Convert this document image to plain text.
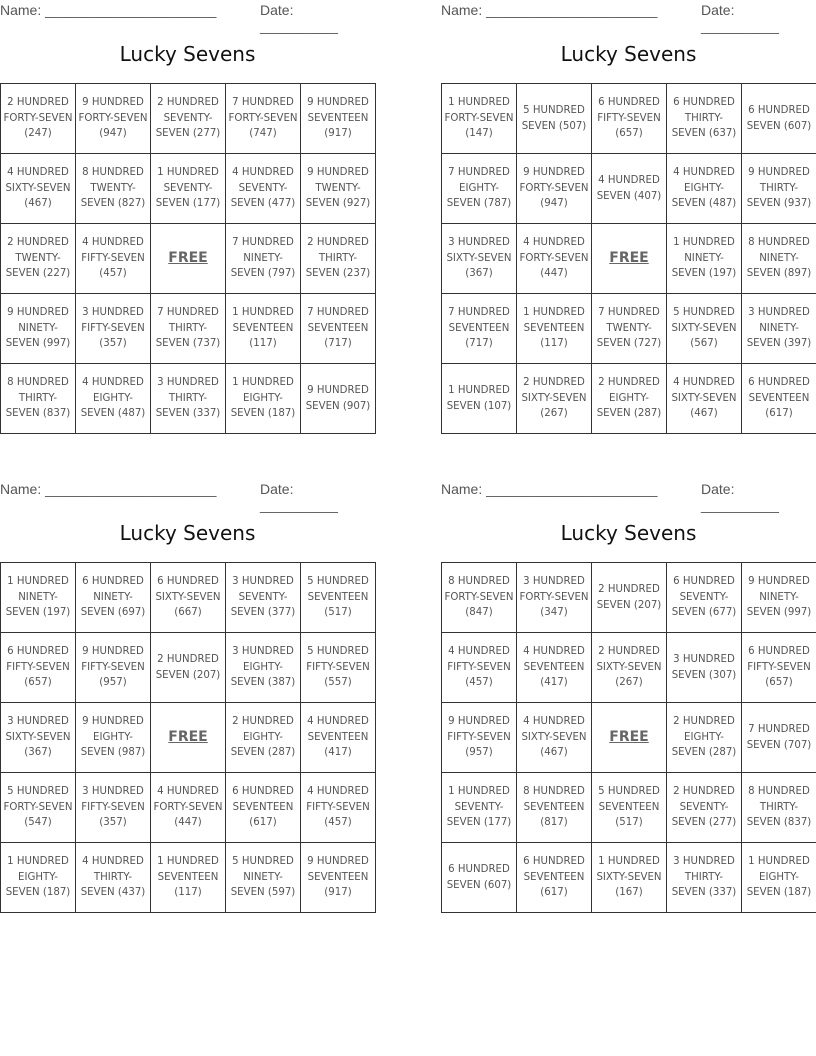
Name: ______________________	Date: __________
Lucky Sevens
2 HUNDRED FORTY-SEVEN (247)	9 HUNDRED FORTY-SEVEN (947)	2 HUNDRED SEVENTY-SEVEN (277)	7 HUNDRED FORTY-SEVEN (747)	9 HUNDRED SEVENTEEN (917)
4 HUNDRED SIXTY-SEVEN (467)	8 HUNDRED TWENTY-SEVEN (827)	1 HUNDRED SEVENTY-SEVEN (177)	4 HUNDRED SEVENTY-SEVEN (477)	9 HUNDRED TWENTY-SEVEN (927)
2 HUNDRED TWENTY-SEVEN (227)	4 HUNDRED FIFTY-SEVEN (457)	FREE	7 HUNDRED NINETY-SEVEN (797)	2 HUNDRED THIRTY-SEVEN (237)
9 HUNDRED NINETY-SEVEN (997)	3 HUNDRED FIFTY-SEVEN (357)	7 HUNDRED THIRTY-SEVEN (737)	1 HUNDRED SEVENTEEN (117)	7 HUNDRED SEVENTEEN (717)
8 HUNDRED THIRTY-SEVEN (837)	4 HUNDRED EIGHTY-SEVEN (487)	3 HUNDRED THIRTY-SEVEN (337)	1 HUNDRED EIGHTY-SEVEN (187)	9 HUNDRED SEVEN (907)
Name: ______________________	Date: __________
Lucky Sevens
1 HUNDRED FORTY-SEVEN (147)	5 HUNDRED SEVEN (507)	6 HUNDRED FIFTY-SEVEN (657)	6 HUNDRED THIRTY-SEVEN (637)	6 HUNDRED SEVEN (607)
7 HUNDRED EIGHTY-SEVEN (787)	9 HUNDRED FORTY-SEVEN (947)	4 HUNDRED SEVEN (407)	4 HUNDRED EIGHTY-SEVEN (487)	9 HUNDRED THIRTY-SEVEN (937)
3 HUNDRED SIXTY-SEVEN (367)	4 HUNDRED FORTY-SEVEN (447)	FREE	1 HUNDRED NINETY-SEVEN (197)	8 HUNDRED NINETY-SEVEN (897)
7 HUNDRED SEVENTEEN (717)	1 HUNDRED SEVENTEEN (117)	7 HUNDRED TWENTY-SEVEN (727)	5 HUNDRED SIXTY-SEVEN (567)	3 HUNDRED NINETY-SEVEN (397)
1 HUNDRED SEVEN (107)	2 HUNDRED SIXTY-SEVEN (267)	2 HUNDRED EIGHTY-SEVEN (287)	4 HUNDRED SIXTY-SEVEN (467)	6 HUNDRED SEVENTEEN (617)
Name: ______________________	Date: __________
Lucky Sevens
1 HUNDRED NINETY-SEVEN (197)	6 HUNDRED NINETY-SEVEN (697)	6 HUNDRED SIXTY-SEVEN (667)	3 HUNDRED SEVENTY-SEVEN (377)	5 HUNDRED SEVENTEEN (517)
6 HUNDRED FIFTY-SEVEN (657)	9 HUNDRED FIFTY-SEVEN (957)	2 HUNDRED SEVEN (207)	3 HUNDRED EIGHTY-SEVEN (387)	5 HUNDRED FIFTY-SEVEN (557)
3 HUNDRED SIXTY-SEVEN (367)	9 HUNDRED EIGHTY-SEVEN (987)	FREE	2 HUNDRED EIGHTY-SEVEN (287)	4 HUNDRED SEVENTEEN (417)
5 HUNDRED FORTY-SEVEN (547)	3 HUNDRED FIFTY-SEVEN (357)	4 HUNDRED FORTY-SEVEN (447)	6 HUNDRED SEVENTEEN (617)	4 HUNDRED FIFTY-SEVEN (457)
1 HUNDRED EIGHTY-SEVEN (187)	4 HUNDRED THIRTY-SEVEN (437)	1 HUNDRED SEVENTEEN (117)	5 HUNDRED NINETY-SEVEN (597)	9 HUNDRED SEVENTEEN (917)
Name: ______________________	Date: __________
Lucky Sevens
8 HUNDRED FORTY-SEVEN (847)	3 HUNDRED FORTY-SEVEN (347)	2 HUNDRED SEVEN (207)	6 HUNDRED SEVENTY-SEVEN (677)	9 HUNDRED NINETY-SEVEN (997)
4 HUNDRED FIFTY-SEVEN (457)	4 HUNDRED SEVENTEEN (417)	2 HUNDRED SIXTY-SEVEN (267)	3 HUNDRED SEVEN (307)	6 HUNDRED FIFTY-SEVEN (657)
9 HUNDRED FIFTY-SEVEN (957)	4 HUNDRED SIXTY-SEVEN (467)	FREE	2 HUNDRED EIGHTY-SEVEN (287)	7 HUNDRED SEVEN (707)
1 HUNDRED SEVENTY-SEVEN (177)	8 HUNDRED SEVENTEEN (817)	5 HUNDRED SEVENTEEN (517)	2 HUNDRED SEVENTY-SEVEN (277)	8 HUNDRED THIRTY-SEVEN (837)
6 HUNDRED SEVEN (607)	6 HUNDRED SEVENTEEN (617)	1 HUNDRED SIXTY-SEVEN (167)	3 HUNDRED THIRTY-SEVEN (337)	1 HUNDRED EIGHTY-SEVEN (187)
